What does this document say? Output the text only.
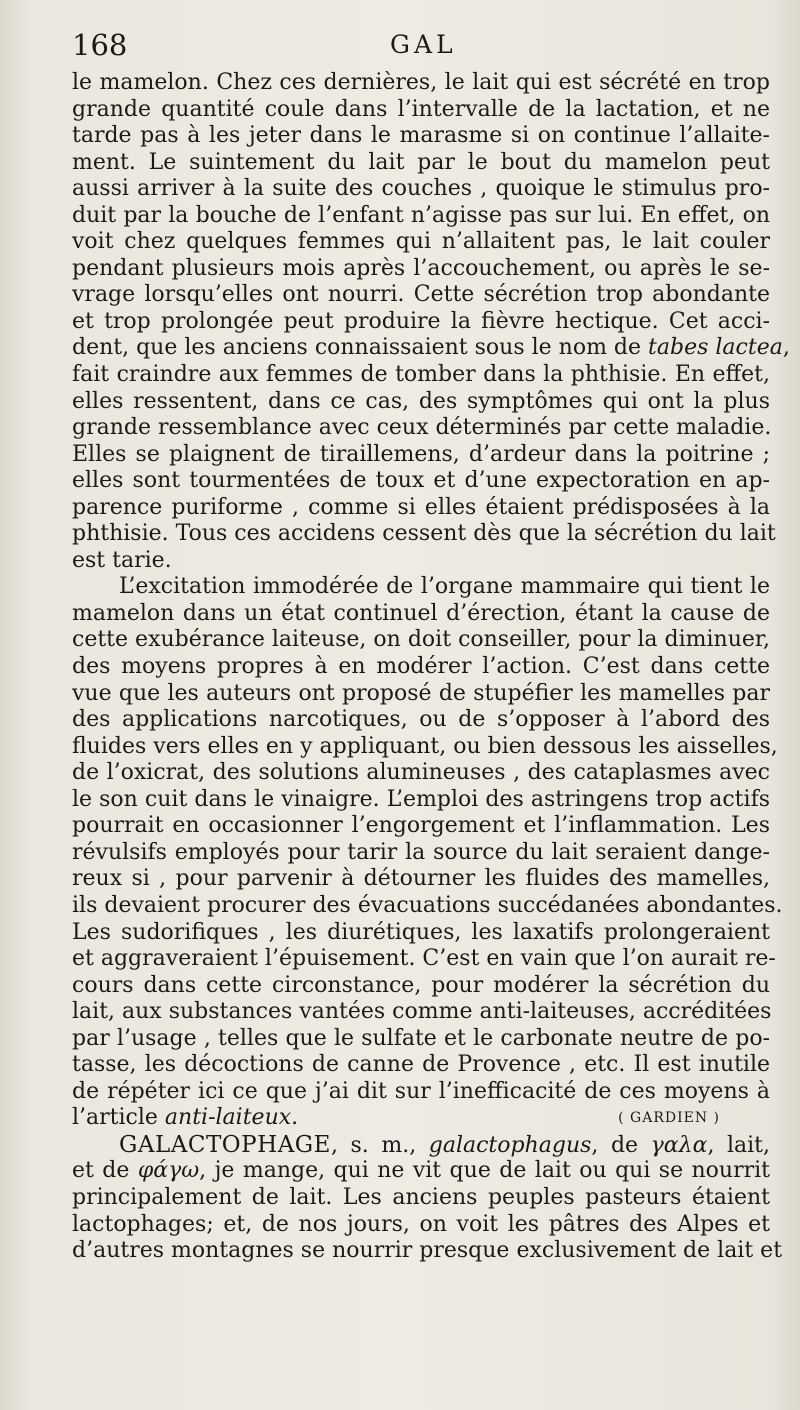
168	GAL
le mamelon. Chez ces dernières, le lait qui est sécrété en trop
grande quantité coule dans l’intervalle de la lactation, et ne
tarde pas à les jeter dans le marasme si on continue l’allaite-
ment. Le suintement du lait par le bout du mamelon peut
aussi arriver à la suite des couches , quoique le stimulus pro-
duit par la bouche de l’enfant n’agisse pas sur lui. En effet, on
voit chez quelques femmes qui n’allaitent pas, le lait couler
pendant plusieurs mois après l’accouchement, ou après le se-
vrage lorsqu’elles ont nourri. Cette sécrétion trop abondante
et trop prolongée peut produire la fièvre hectique. Cet acci-
dent, que les anciens connaissaient sous le nom de tabes lactea,
fait craindre aux femmes de tomber dans la phthisie. En effet,
elles ressentent, dans ce cas, des symptômes qui ont la plus
grande ressemblance avec ceux déterminés par cette maladie.
Elles se plaignent de tiraillemens, d’ardeur dans la poitrine ;
elles sont tourmentées de toux et d’une expectoration en ap-
parence puriforme , comme si elles étaient prédisposées à la
phthisie. Tous ces accidens cessent dès que la sécrétion du lait
est tarie.
L’excitation immodérée de l’organe mammaire qui tient le
mamelon dans un état continuel d’érection, étant la cause de
cette exubérance laiteuse, on doit conseiller, pour la diminuer,
des moyens propres à en modérer l’action. C’est dans cette
vue que les auteurs ont proposé de stupéfier les mamelles par
des applications narcotiques, ou de s’opposer à l’abord des
fluides vers elles en y appliquant, ou bien dessous les aisselles,
de l’oxicrat, des solutions alumineuses , des cataplasmes avec
le son cuit dans le vinaigre. L’emploi des astringens trop actifs
pourrait en occasionner l’engorgement et l’inflammation. Les
révulsifs employés pour tarir la source du lait seraient dange-
reux si , pour parvenir à détourner les fluides des mamelles,
ils devaient procurer des évacuations succédanées abondantes.
Les sudorifiques , les diurétiques, les laxatifs prolongeraient
et aggraveraient l’épuisement. C’est en vain que l’on aurait re-
cours dans cette circonstance, pour modérer la sécrétion du
lait, aux substances vantées comme anti-laiteuses, accréditées
par l’usage , telles que le sulfate et le carbonate neutre de po-
tasse, les décoctions de canne de Provence , etc. Il est inutile
de répéter ici ce que j’ai dit sur l’inefficacité de ces moyens à
l’article anti-laiteux.	( GARDIEN )
GALACTOPHAGE, s. m., galactophagus, de γαλα, lait,
et de φάγω, je mange, qui ne vit que de lait ou qui se nourrit
principalement de lait. Les anciens peuples pasteurs étaient
lactophages; et, de nos jours, on voit les pâtres des Alpes et
d’autres montagnes se nourrir presque exclusivement de lait et
